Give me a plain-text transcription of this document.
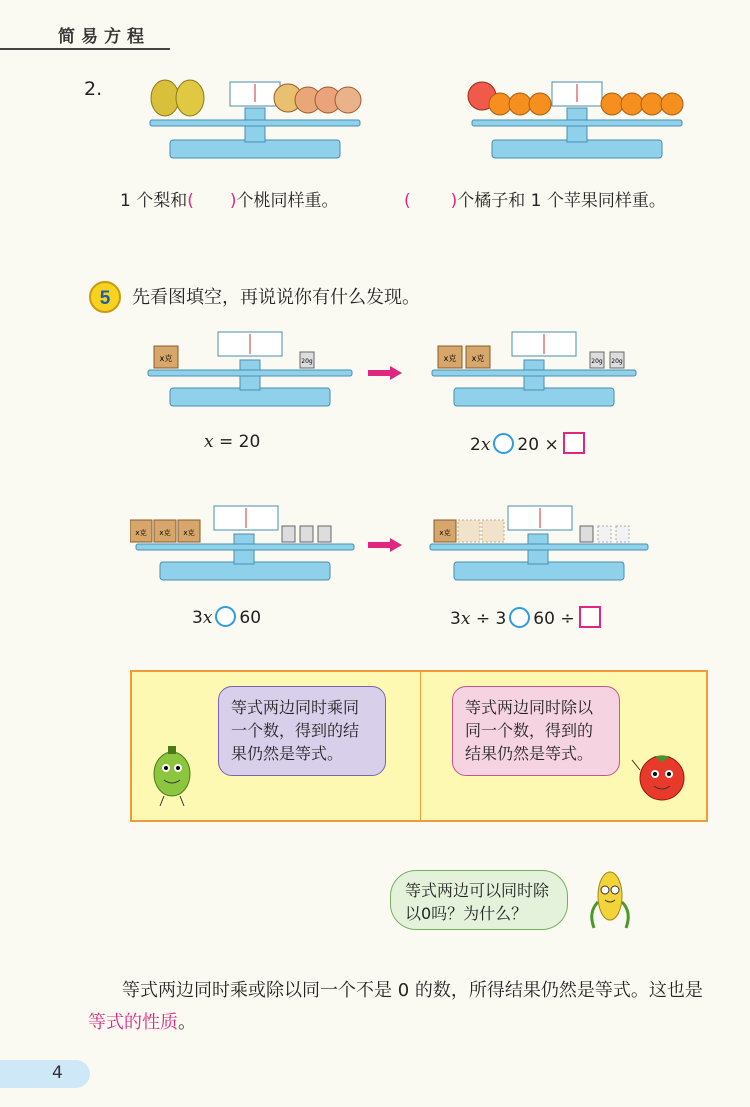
简易方程
2.
1 个梨和( )个桃同样重。	( )个橘子和 1 个苹果同样重。
5 先看图填空，再说说你有什么发现。
x克	20g	x克 x克	20g 20g
x = 20	2x 20 ×
x克 x克 x克	x克
3x 60	3x ÷ 3 60 ÷
等式两边同时乘同一个数，得到的结果仍然是等式。
等式两边同时除以同一个数，得到的结果仍然是等式。
等式两边可以同时除以0吗？为什么？
等式两边同时乘或除以同一个不是 0 的数，所得结果仍然是等式。这也是等式的性质。
4
